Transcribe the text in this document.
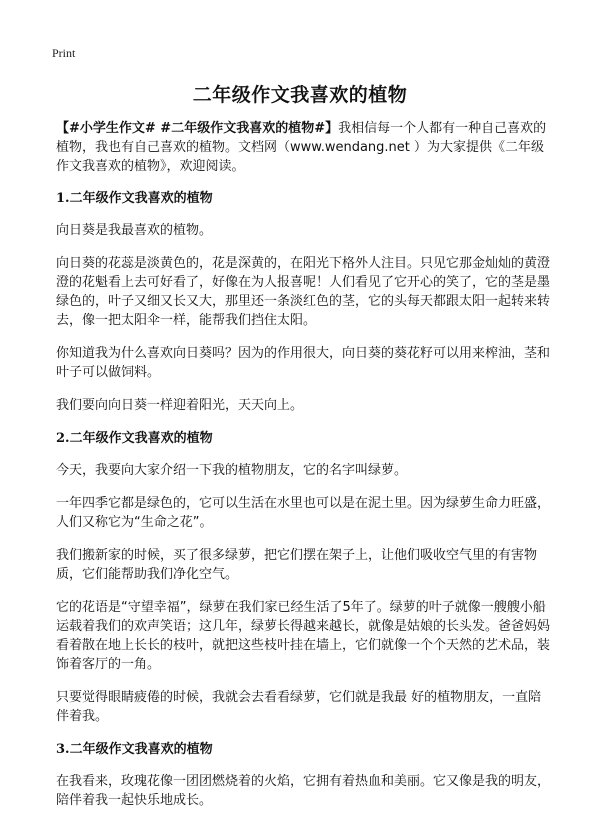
Print
二年级作文我喜欢的植物

【#小学生作文# #二年级作文我喜欢的植物#】我相信每一个人都有一种自己喜欢的植物，我也有自己喜欢的植物。文档网（www.wendang.net ）为大家提供《二年级作文我喜欢的植物》，欢迎阅读。

1.二年级作文我喜欢的植物

向日葵是我最喜欢的植物。

向日葵的花蕊是淡黄色的，花是深黄的，在阳光下格外人注目。只见它那金灿灿的黄澄澄的花魁看上去可好看了，好像在为人报喜呢！人们看见了它开心的笑了，它的茎是墨绿色的，叶子又细又长又大，那里还一条淡红色的茎，它的头每天都跟太阳一起转来转去，像一把太阳伞一样，能帮我们挡住太阳。

你知道我为什么喜欢向日葵吗？因为的作用很大，向日葵的葵花籽可以用来榨油，茎和叶子可以做饲料。

我们要向向日葵一样迎着阳光，天天向上。

2.二年级作文我喜欢的植物

今天，我要向大家介绍一下我的植物朋友，它的名字叫绿萝。

一年四季它都是绿色的，它可以生活在水里也可以是在泥土里。因为绿萝生命力旺盛，人们又称它为“生命之花”。

我们搬新家的时候，买了很多绿萝，把它们摆在架子上，让他们吸收空气里的有害物质，它们能帮助我们净化空气。

它的花语是“守望幸福”，绿萝在我们家已经生活了5年了。绿萝的叶子就像一艘艘小船运载着我们的欢声笑语；这几年，绿萝长得越来越长，就像是姑娘的长头发。爸爸妈妈看着散在地上长长的枝叶，就把这些枝叶挂在墙上，它们就像一个个天然的艺术品，装饰着客厅的一角。

只要觉得眼睛疲倦的时候，我就会去看看绿萝，它们就是我最 好的植物朋友，一直陪伴着我。

3.二年级作文我喜欢的植物

在我看来，玫瑰花像一团团燃烧着的火焰，它拥有着热血和美丽。它又像是我的明友，陪伴着我一起快乐地成长。
